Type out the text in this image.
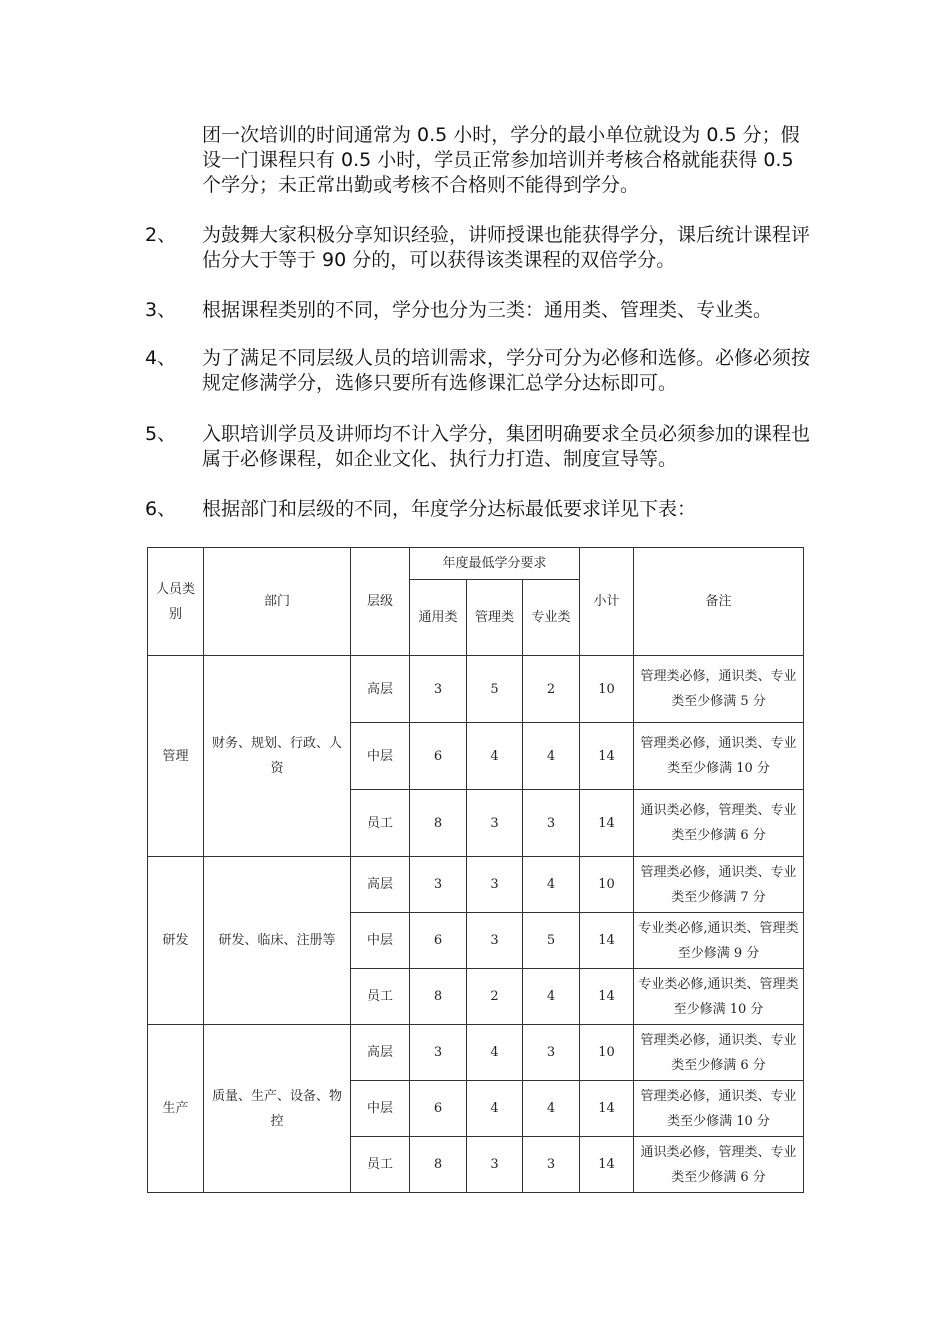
团一次培训的时间通常为 0.5 小时，学分的最小单位就设为 0.5 分；假设一门课程只有 0.5 小时，学员正常参加培训并考核合格就能获得 0.5 个学分；未正常出勤或考核不合格则不能得到学分。
2、	为鼓舞大家积极分享知识经验，讲师授课也能获得学分，课后统计课程评估分大于等于 90 分的，可以获得该类课程的双倍学分。
3、	根据课程类别的不同，学分也分为三类：通用类、管理类、专业类。
4、	为了满足不同层级人员的培训需求，学分可分为必修和选修。必修必须按规定修满学分，选修只要所有选修课汇总学分达标即可。
5、	入职培训学员及讲师均不计入学分，集团明确要求全员必须参加的课程也属于必修课程，如企业文化、执行力打造、制度宣导等。
6、	根据部门和层级的不同，年度学分达标最低要求详见下表：
人员类别	部门	层级	年度最低学分要求			小计	备注
			通用类	管理类	专业类		
管理	财务、规划、行政、人资	高层	3	5	2	10	管理类必修，通识类、专业类至少修满 5 分
		中层	6	4	4	14	管理类必修，通识类、专业类至少修满 10 分
		员工	8	3	3	14	通识类必修，管理类、专业类至少修满 6 分
研发	研发、临床、注册等	高层	3	3	4	10	管理类必修，通识类、专业类至少修满 7 分
		中层	6	3	5	14	专业类必修,通识类、管理类至少修满 9 分
		员工	8	2	4	14	专业类必修,通识类、管理类至少修满 10 分
生产	质量、生产、设备、物控	高层	3	4	3	10	管理类必修，通识类、专业类至少修满 6 分
		中层	6	4	4	14	管理类必修，通识类、专业类至少修满 10 分
		员工	8	3	3	14	通识类必修，管理类、专业类至少修满 6 分
